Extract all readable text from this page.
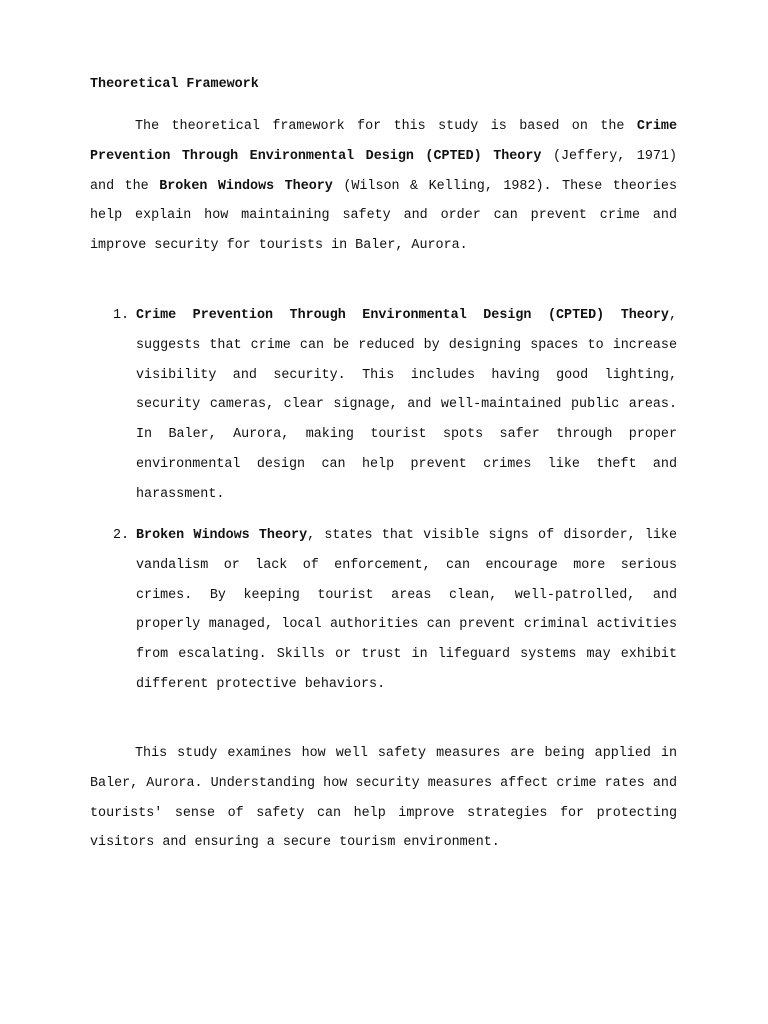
Theoretical Framework

The theoretical framework for this study is based on the Crime Prevention Through Environmental Design (CPTED) Theory (Jeffery, 1971) and the Broken Windows Theory (Wilson & Kelling, 1982). These theories help explain how maintaining safety and order can prevent crime and improve security for tourists in Baler, Aurora.

1. Crime Prevention Through Environmental Design (CPTED) Theory, suggests that crime can be reduced by designing spaces to increase visibility and security. This includes having good lighting, security cameras, clear signage, and well-maintained public areas. In Baler, Aurora, making tourist spots safer through proper environmental design can help prevent crimes like theft and harassment.
2. Broken Windows Theory, states that visible signs of disorder, like vandalism or lack of enforcement, can encourage more serious crimes. By keeping tourist areas clean, well-patrolled, and properly managed, local authorities can prevent criminal activities from escalating. Skills or trust in lifeguard systems may exhibit different protective behaviors.

This study examines how well safety measures are being applied in Baler, Aurora. Understanding how security measures affect crime rates and tourists' sense of safety can help improve strategies for protecting visitors and ensuring a secure tourism environment.
